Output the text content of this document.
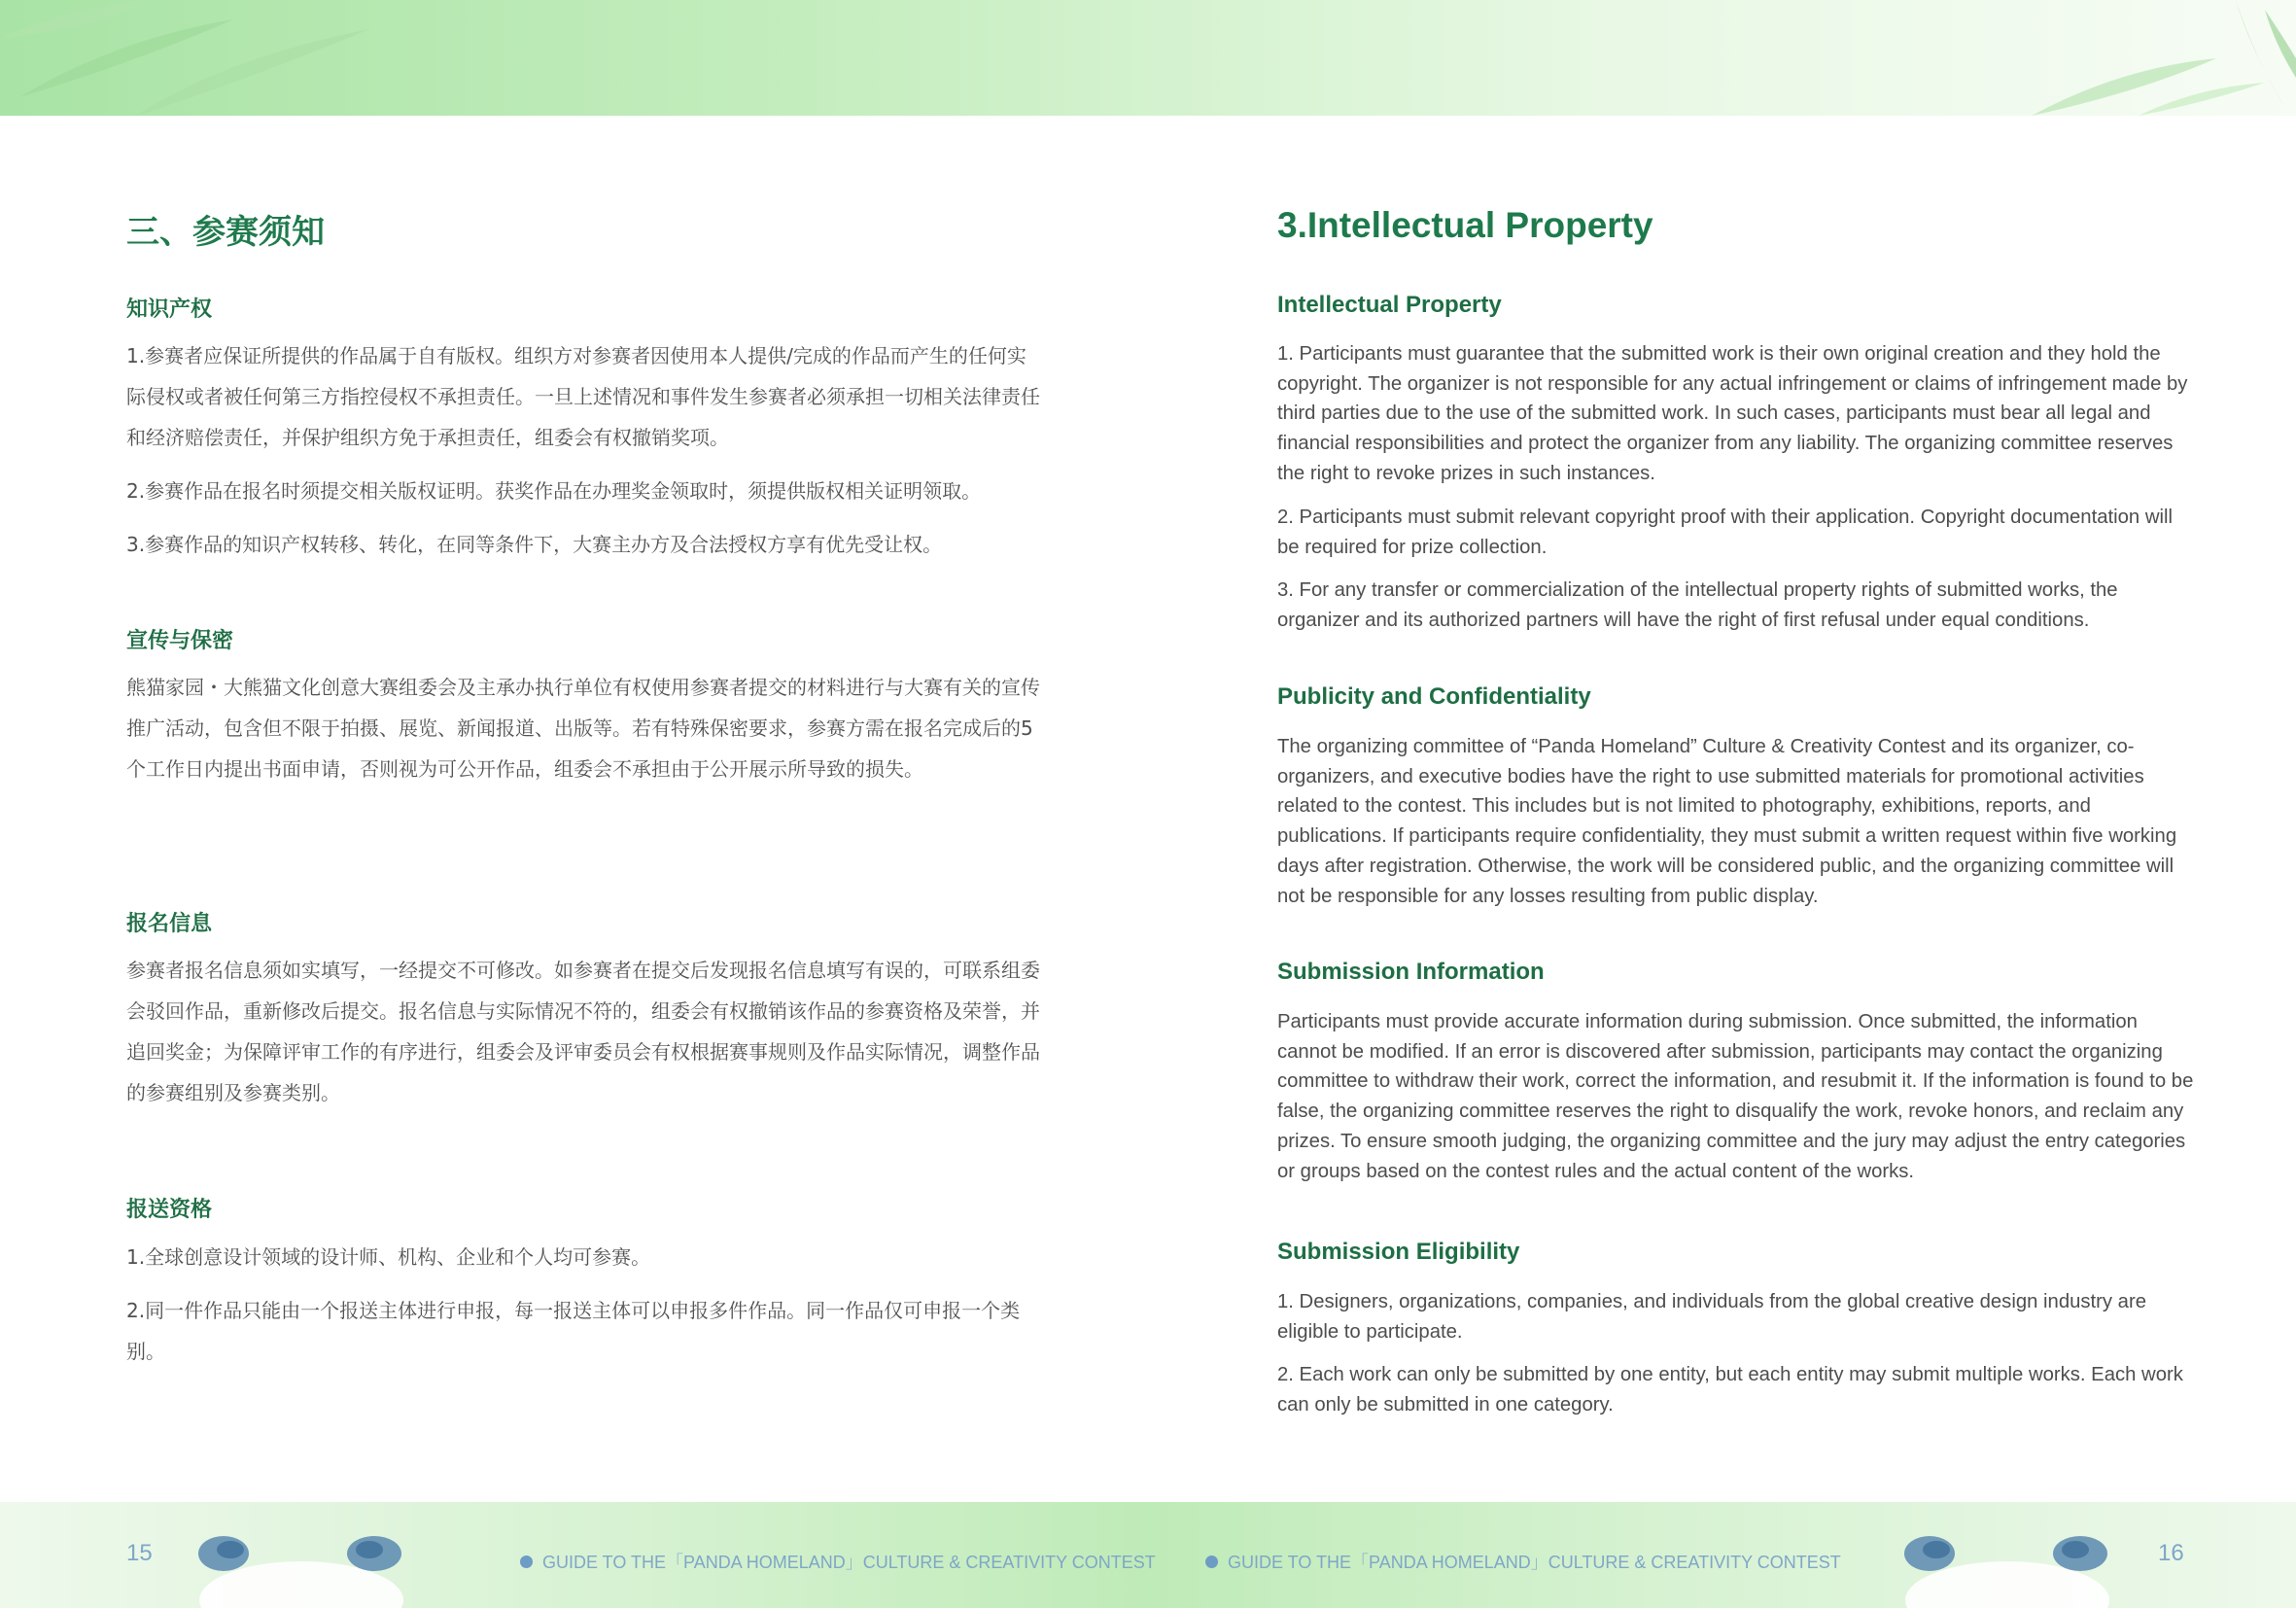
三、参赛须知
知识产权

1.参赛者应保证所提供的作品属于自有版权。组织方对参赛者因使用本人提供/完成的作品而产生的任何实际侵权或者被任何第三方指控侵权不承担责任。一旦上述情况和事件发生参赛者必须承担一切相关法律责任和经济赔偿责任，并保护组织方免于承担责任，组委会有权撤销奖项。

2.参赛作品在报名时须提交相关版权证明。获奖作品在办理奖金领取时，须提供版权相关证明领取。

3.参赛作品的知识产权转移、转化，在同等条件下，大赛主办方及合法授权方享有优先受让权。

宣传与保密

熊猫家园・大熊猫文化创意大赛组委会及主承办执行单位有权使用参赛者提交的材料进行与大赛有关的宣传推广活动，包含但不限于拍摄、展览、新闻报道、出版等。若有特殊保密要求，参赛方需在报名完成后的5个工作日内提出书面申请，否则视为可公开作品，组委会不承担由于公开展示所导致的损失。

报名信息

参赛者报名信息须如实填写，一经提交不可修改。如参赛者在提交后发现报名信息填写有误的，可联系组委会驳回作品，重新修改后提交。报名信息与实际情况不符的，组委会有权撤销该作品的参赛资格及荣誉，并追回奖金；为保障评审工作的有序进行，组委会及评审委员会有权根据赛事规则及作品实际情况，调整作品的参赛组别及参赛类别。

报送资格

1.全球创意设计领域的设计师、机构、企业和个人均可参赛。

2.同一件作品只能由一个报送主体进行申报，每一报送主体可以申报多件作品。同一作品仅可申报一个类别。

3.Intellectual Property
Intellectual Property

1. Participants must guarantee that the submitted work is their own original creation and they hold the copyright. The organizer is not responsible for any actual infringement or claims of infringement made by third parties due to the use of the submitted work. In such cases, participants must bear all legal and financial responsibilities and protect the organizer from any liability. The organizing committee reserves the right to revoke prizes in such instances.

2. Participants must submit relevant copyright proof with their application. Copyright documentation will be required for prize collection.

3. For any transfer or commercialization of the intellectual property rights of submitted works, the organizer and its authorized partners will have the right of first refusal under equal conditions.

Publicity and Confidentiality

The organizing committee of “Panda Homeland” Culture & Creativity Contest and its organizer, co-organizers, and executive bodies have the right to use submitted materials for promotional activities related to the contest. This includes but is not limited to photography, exhibitions, reports, and publications. If participants require confidentiality, they must submit a written request within five working days after registration. Otherwise, the work will be considered public, and the organizing committee will not be responsible for any losses resulting from public display.

Submission Information

Participants must provide accurate information during submission. Once submitted, the information cannot be modified. If an error is discovered after submission, participants may contact the organizing committee to withdraw their work, correct the information, and resubmit it. If the information is found to be false, the organizing committee reserves the right to disqualify the work, revoke honors, and reclaim any prizes. To ensure smooth judging, the organizing committee and the jury may adjust the entry categories or groups based on the contest rules and the actual content of the works.

Submission Eligibility

1. Designers, organizations, companies, and individuals from the global creative design industry are eligible to participate.

2. Each work can only be submitted by one entity, but each entity may submit multiple works. Each work can only be submitted in one category.

15	16
GUIDE TO THE「PANDA HOMELAND」CULTURE & CREATIVITY CONTEST	GUIDE TO THE「PANDA HOMELAND」CULTURE & CREATIVITY CONTEST
